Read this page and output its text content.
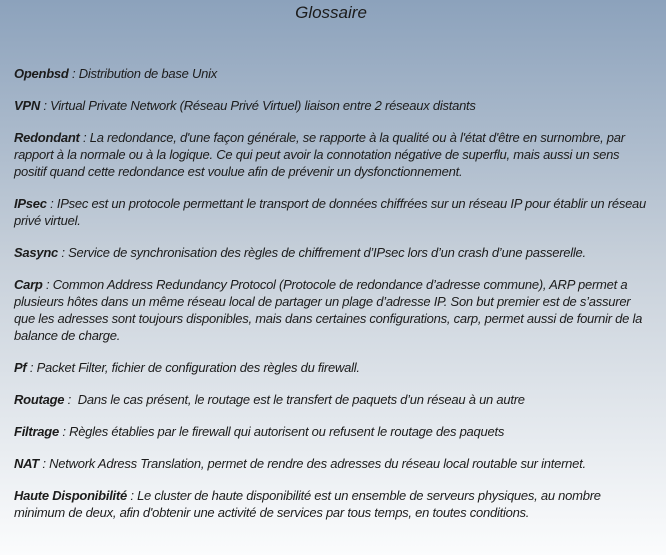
Glossaire

Openbsd : Distribution de base Unix

VPN : Virtual Private Network (Réseau Privé Virtuel) liaison entre 2 réseaux distants

Redondant : La redondance, d'une façon générale, se rapporte à la qualité ou à l'état d'être en surnombre, par rapport à la normale ou à la logique. Ce qui peut avoir la connotation négative de superflu, mais aussi un sens positif quand cette redondance est voulue afin de prévenir un dysfonctionnement.

IPsec : IPsec est un protocole permettant le transport de données chiffrées sur un réseau IP pour établir un réseau privé virtuel.

Sasync : Service de synchronisation des règles de chiffrement d’IPsec lors d’un crash d’une passerelle.

Carp : Common Address Redundancy Protocol (Protocole de redondance d’adresse commune), ARP permet a plusieurs hôtes dans un même réseau local de partager un plage d’adresse IP. Son but premier est de s’assurer que les adresses sont toujours disponibles, mais dans certaines configurations, carp, permet aussi de fournir de la balance de charge.

Pf : Packet Filter, fichier de configuration des règles du firewall.

Routage :  Dans le cas présent, le routage est le transfert de paquets d’un réseau à un autre

Filtrage : Règles établies par le firewall qui autorisent ou refusent le routage des paquets

NAT : Network Adress Translation, permet de rendre des adresses du réseau local routable sur internet.

Haute Disponibilité : Le cluster de haute disponibilité est un ensemble de serveurs physiques, au nombre minimum de deux, afin d'obtenir une activité de services par tous temps, en toutes conditions.
